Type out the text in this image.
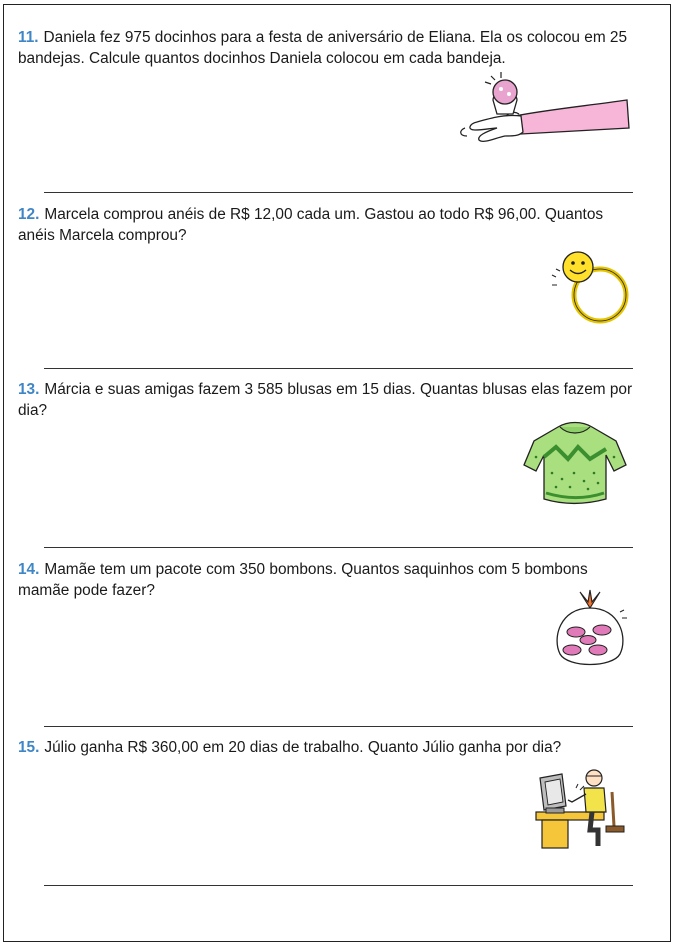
11. Daniela fez 975 docinhos para a festa de aniversário de Eliana. Ela os colocou em 25 bandejas. Calcule quantos docinhos Daniela colocou em cada bandeja.
12. Marcela comprou anéis de R$ 12,00 cada um. Gastou ao todo R$ 96,00. Quantos anéis Marcela comprou?
13. Márcia e suas amigas fazem 3 585 blusas em 15 dias. Quantas blusas elas fazem por dia?
14. Mamãe tem um pacote com 350 bombons. Quantos saquinhos com 5 bombons mamãe pode fazer?
15. Júlio ganha R$ 360,00 em 20 dias de trabalho. Quanto Júlio ganha por dia?
